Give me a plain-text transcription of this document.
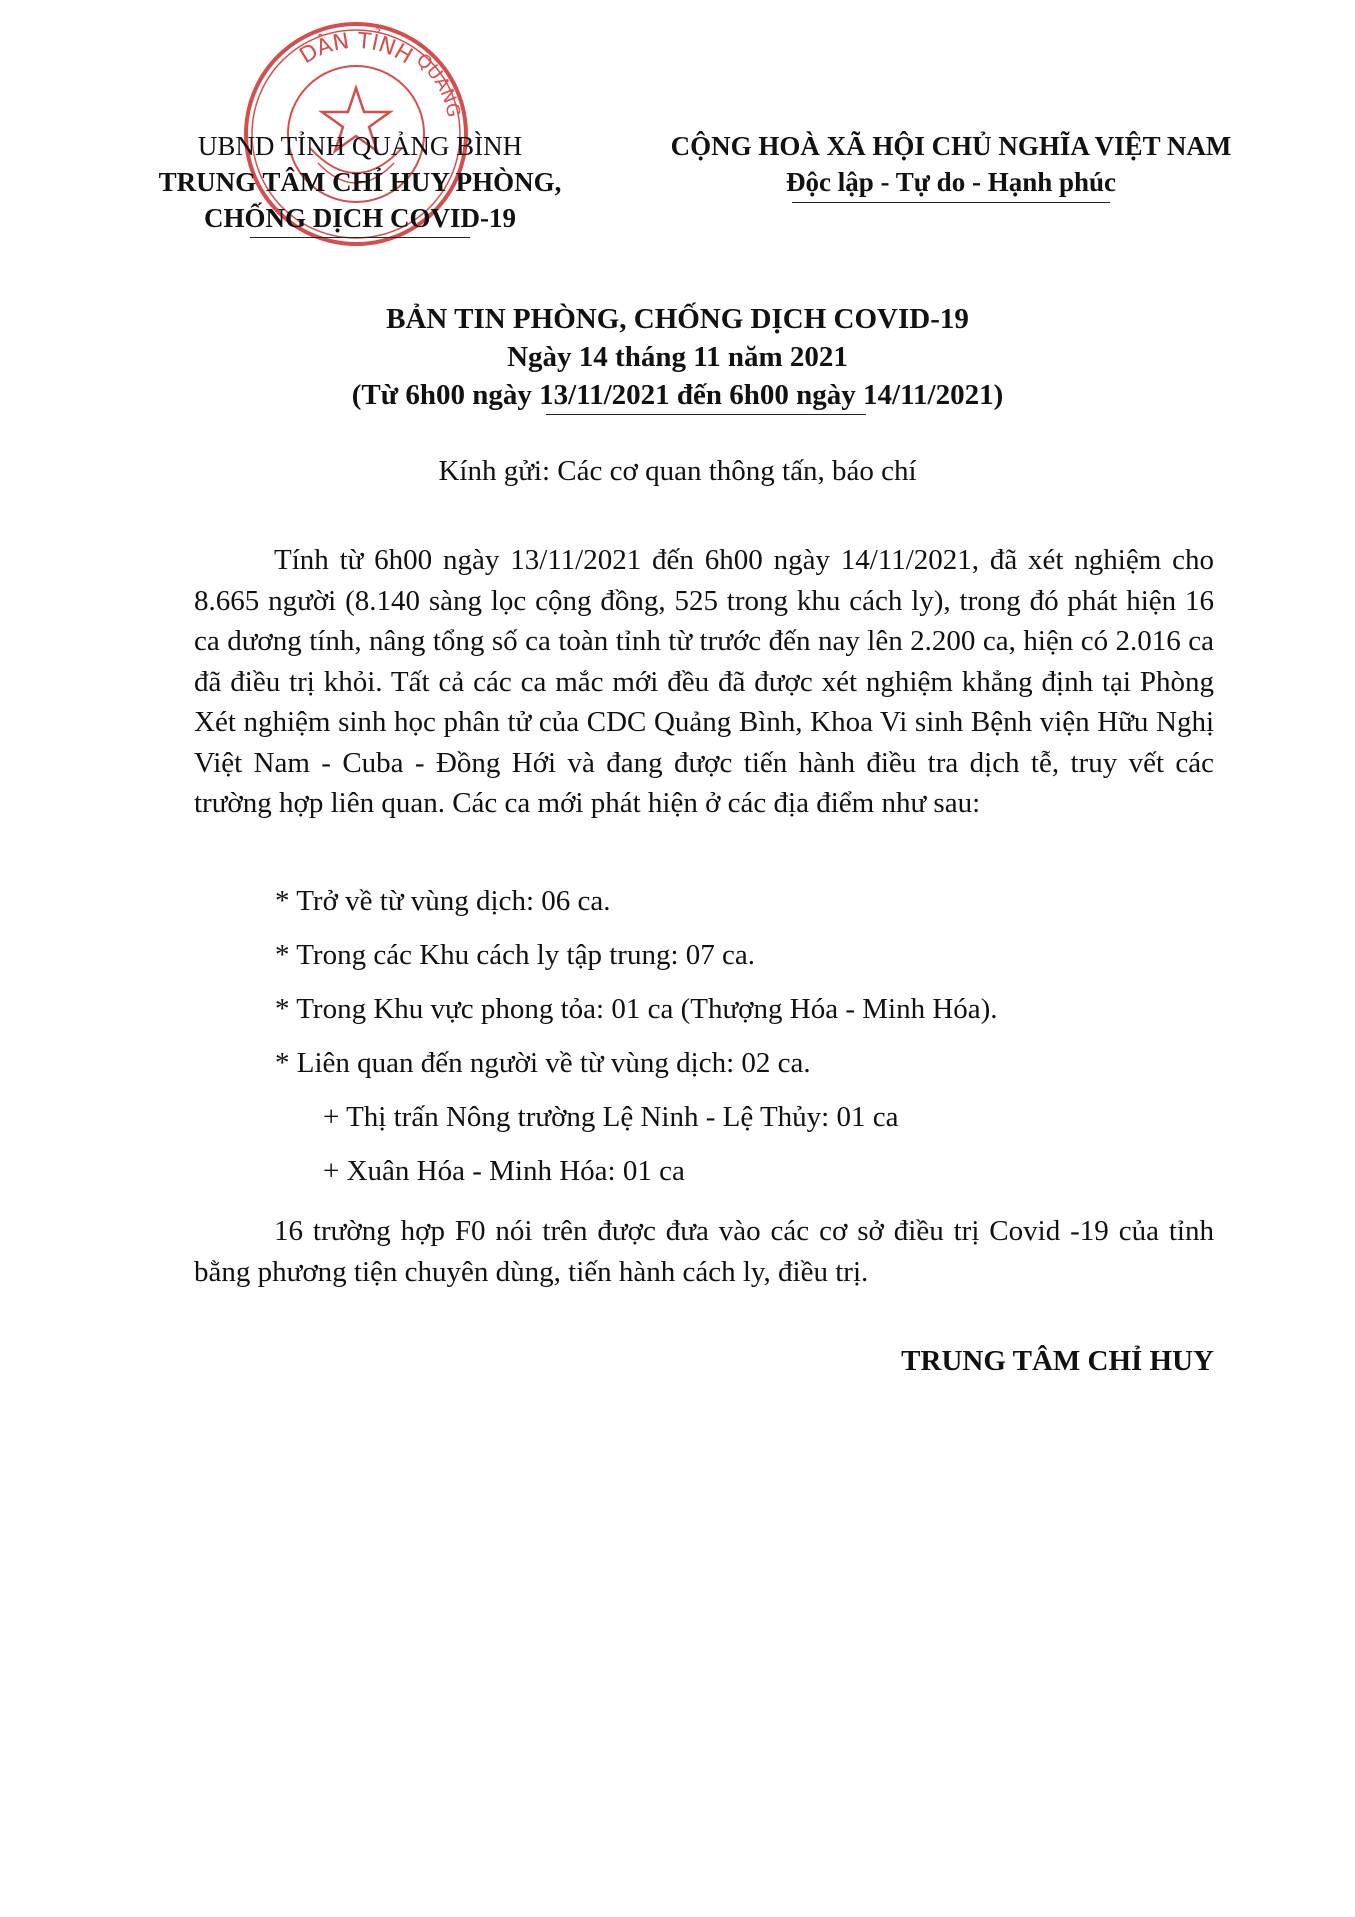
DÂN TỈNH
QUẢNG
UBND TỈNH QUẢNG BÌNH
TRUNG TÂM CHỈ HUY PHÒNG,
CHỐNG DỊCH COVID-19
CỘNG HOÀ XÃ HỘI CHỦ NGHĨA VIỆT NAM
Độc lập - Tự do - Hạnh phúc
BẢN TIN PHÒNG, CHỐNG DỊCH COVID-19
Ngày 14 tháng 11 năm 2021
(Từ 6h00 ngày 13/11/2021 đến 6h00 ngày 14/11/2021)
Kính gửi: Các cơ quan thông tấn, báo chí

Tính từ 6h00 ngày 13/11/2021 đến 6h00 ngày 14/11/2021, đã xét nghiệm cho 8.665 người (8.140 sàng lọc cộng đồng, 525 trong khu cách ly), trong đó phát hiện 16 ca dương tính, nâng tổng số ca toàn tỉnh từ trước đến nay lên 2.200 ca, hiện có 2.016 ca đã điều trị khỏi. Tất cả các ca mắc mới đều đã được xét nghiệm khẳng định tại Phòng Xét nghiệm sinh học phân tử của CDC Quảng Bình, Khoa Vi sinh Bệnh viện Hữu Nghị Việt Nam - Cuba - Đồng Hới và đang được tiến hành điều tra dịch tễ, truy vết các trường hợp liên quan. Các ca mới phát hiện ở các địa điểm như sau:

* Trở về từ vùng dịch: 06 ca.
* Trong các Khu cách ly tập trung: 07 ca.
* Trong Khu vực phong tỏa: 01 ca (Thượng Hóa - Minh Hóa).
* Liên quan đến người về từ vùng dịch: 02 ca.
+ Thị trấn Nông trường Lệ Ninh - Lệ Thủy: 01 ca
+ Xuân Hóa - Minh Hóa: 01 ca

16 trường hợp F0 nói trên được đưa vào các cơ sở điều trị Covid -19 của tỉnh bằng phương tiện chuyên dùng, tiến hành cách ly, điều trị.

TRUNG TÂM CHỈ HUY
